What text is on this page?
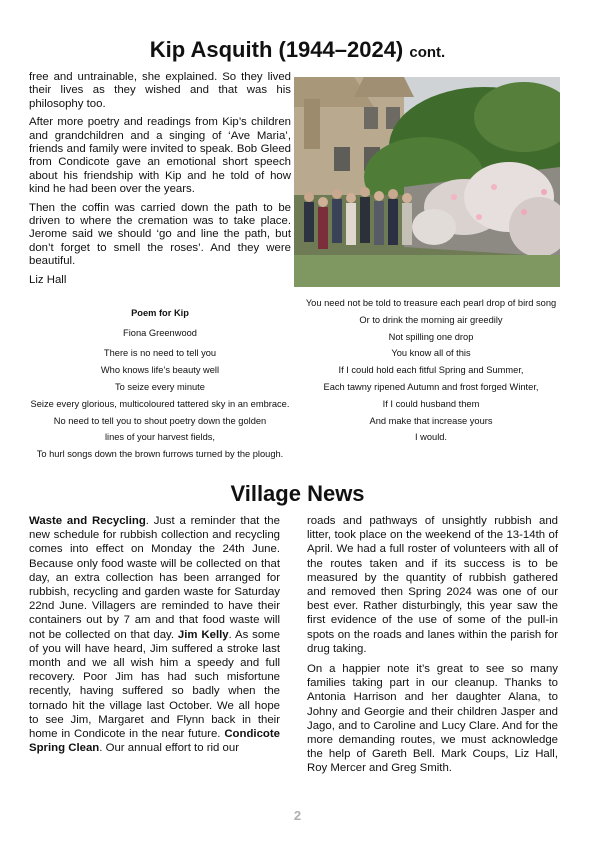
Kip Asquith (1944–2024) cont.

free and untrainable, she explained. So they lived their lives as they wished and that was his philosophy too.

After more poetry and readings from Kip’s children and grandchildren and a singing of ‘Ave Maria’, friends and family were invited to speak. Bob Gleed from Condicote gave an emotional short speech about his friendship with Kip and he told of how kind he had been over the years.

Then the coffin was carried down the path to be driven to where the cremation was to take place. Jerome said we should ‘go and line the path, but don’t forget to smell the roses’. And they were beautiful.

Liz Hall

Poem for Kip
Fiona Greenwood
There is no need to tell you
Who knows life’s beauty well
To seize every minute
Seize every glorious, multicoloured tattered sky in an embrace.
No need to tell you to shout poetry down the golden
lines of your harvest fields,
To hurl songs down the brown furrows turned by the plough.
You need not be told to treasure each pearl drop of bird song
Or to drink the morning air greedily
Not spilling one drop
You know all of this
If I could hold each fitful Spring and Summer,
Each tawny ripened Autumn and frost forged Winter,
If I could husband them
And make that increase yours
I would.
Village News

Waste and Recycling. Just a reminder that the new schedule for rubbish collection and recycling comes into effect on Monday the 24th June. Because only food waste will be collected on that day, an extra collection has been arranged for rubbish, recycling and garden waste for Saturday 22nd June. Villagers are reminded to have their containers out by 7 am and that food waste will not be collected on that day. Jim Kelly. As some of you will have heard, Jim suffered a stroke last month and we all wish him a speedy and full recovery. Poor Jim has had such misfortune recently, having suffered so badly when the tornado hit the village last October. We all hope to see Jim, Margaret and Flynn back in their home in Condicote in the near future. Condicote Spring Clean. Our annual effort to rid our

roads and pathways of unsightly rubbish and litter, took place on the weekend of the 13-14th of April. We had a full roster of volunteers with all of the routes taken and if its success is to be measured by the quantity of rubbish gathered and removed then Spring 2024 was one of our best ever. Rather disturbingly, this year saw the first evidence of the use of some of the pull-in spots on the roads and lanes within the parish for drug taking.

On a happier note it’s great to see so many families taking part in our cleanup. Thanks to Antonia Harrison and her daughter Alana, to Johny and Georgie and their children Jasper and Jago, and to Caroline and Lucy Clare. And for the more demanding routes, we must acknowledge the help of Gareth Bell. Mark Coups, Liz Hall, Roy Mercer and Greg Smith.

2
